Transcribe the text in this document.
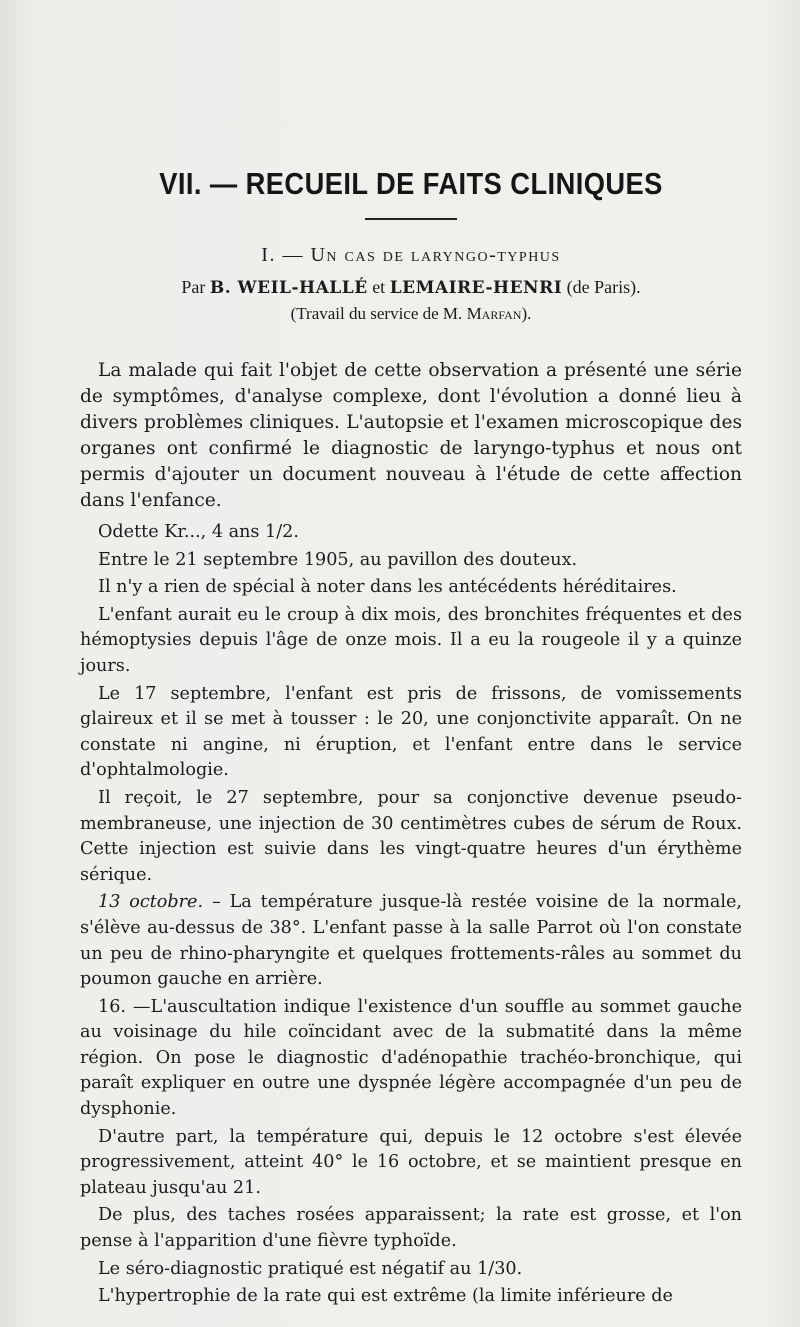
VII. — RECUEIL DE FAITS CLINIQUES
I. — Un cas de laryngo-typhus
Par B. WEIL-HALLÉ et LEMAIRE-HENRI (de Paris).
(Travail du service de M. Marfan).

La malade qui fait l'objet de cette observation a présenté une série de symptômes, d'analyse complexe, dont l'évolution a donné lieu à divers problèmes cliniques. L'autopsie et l'examen microscopique des organes ont confirmé le diagnostic de laryngo-typhus et nous ont permis d'ajouter un document nouveau à l'étude de cette affection dans l'enfance.

Odette Kr..., 4 ans 1/2.

Entre le 21 septembre 1905, au pavillon des douteux.

Il n'y a rien de spécial à noter dans les antécédents héréditaires.

L'enfant aurait eu le croup à dix mois, des bronchites fréquentes et des hémoptysies depuis l'âge de onze mois. Il a eu la rougeole il y a quinze jours.

Le 17 septembre, l'enfant est pris de frissons, de vomissements glaireux et il se met à tousser : le 20, une conjonctivite apparaît. On ne constate ni angine, ni éruption, et l'enfant entre dans le service d'ophtalmologie.

Il reçoit, le 27 septembre, pour sa conjonctive devenue pseudo-membraneuse, une injection de 30 centimètres cubes de sérum de Roux. Cette injection est suivie dans les vingt-quatre heures d'un érythème sérique.

13 octobre. – La température jusque-là restée voisine de la normale, s'élève au-dessus de 38°. L'enfant passe à la salle Parrot où l'on constate un peu de rhino-pharyngite et quelques frottements-râles au sommet du poumon gauche en arrière.

16. —L'auscultation indique l'existence d'un souffle au sommet gauche au voisinage du hile coïncidant avec de la submatité dans la même région. On pose le diagnostic d'adénopathie trachéo-bronchique, qui paraît expliquer en outre une dyspnée légère accompagnée d'un peu de dysphonie.

D'autre part, la température qui, depuis le 12 octobre s'est élevée progressivement, atteint 40° le 16 octobre, et se maintient presque en plateau jusqu'au 21.

De plus, des taches rosées apparaissent; la rate est grosse, et l'on pense à l'apparition d'une fièvre typhoïde.

Le séro-diagnostic pratiqué est négatif au 1/30.

L'hypertrophie de la rate qui est extrême (la limite inférieure de
